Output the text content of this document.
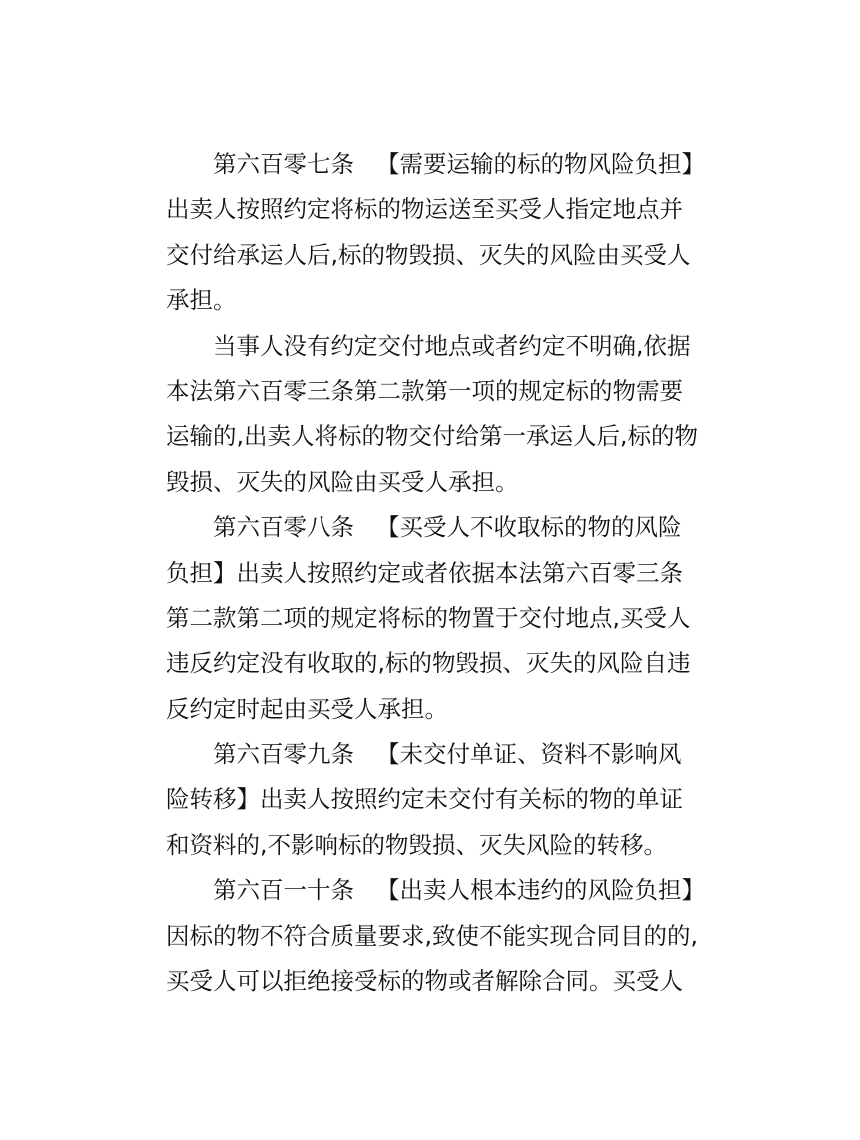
第六百零七条 【需要运输的标的物风险负担】
出卖人按照约定将标的物运送至买受人指定地点并
交付给承运人后,标的物毁损、灭失的风险由买受人
承担。
当事人没有约定交付地点或者约定不明确,依据
本法第六百零三条第二款第一项的规定标的物需要
运输的,出卖人将标的物交付给第一承运人后,标的物
毁损、灭失的风险由买受人承担。
第六百零八条 【买受人不收取标的物的风险
负担】出卖人按照约定或者依据本法第六百零三条
第二款第二项的规定将标的物置于交付地点,买受人
违反约定没有收取的,标的物毁损、灭失的风险自违
反约定时起由买受人承担。
第六百零九条 【未交付单证、资料不影响风
险转移】出卖人按照约定未交付有关标的物的单证
和资料的,不影响标的物毁损、灭失风险的转移。
第六百一十条 【出卖人根本违约的风险负担】
因标的物不符合质量要求,致使不能实现合同目的的,
买受人可以拒绝接受标的物或者解除合同。买受人
